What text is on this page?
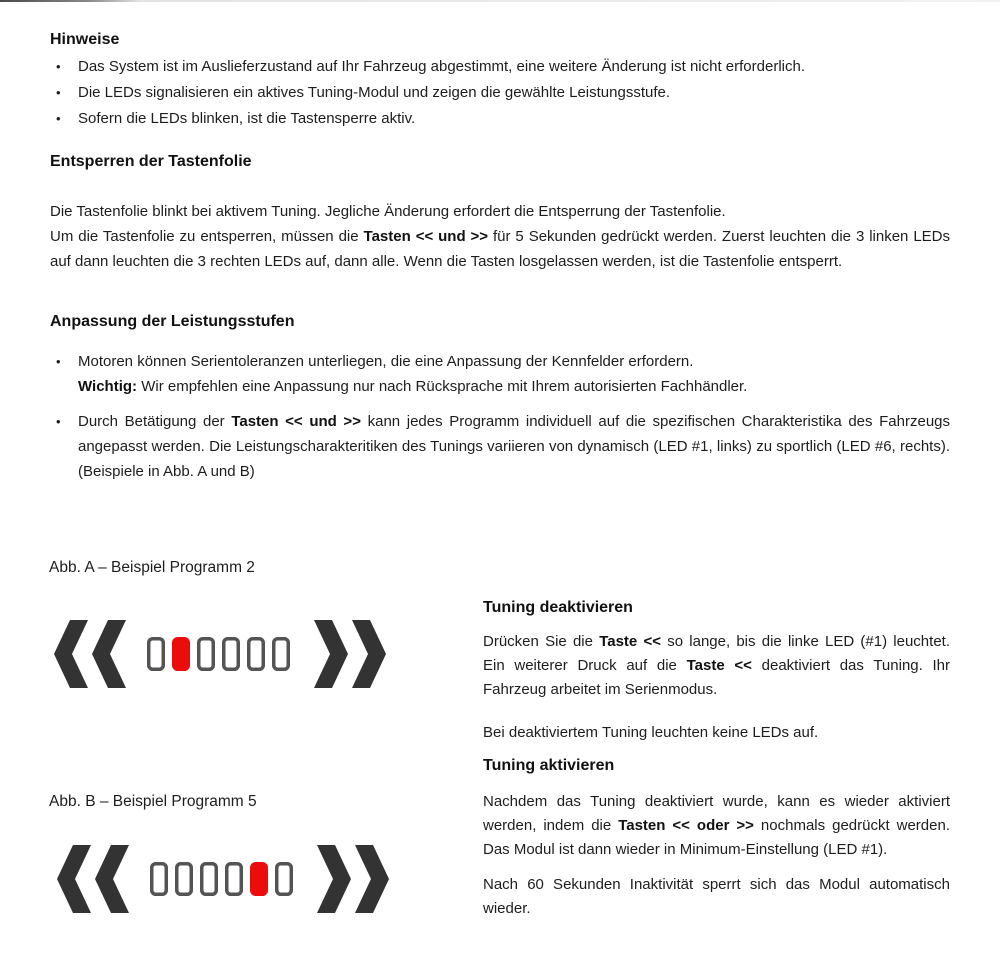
Hinweise
• Das System ist im Auslieferzustand auf Ihr Fahrzeug abgestimmt, eine weitere Änderung ist nicht erforderlich.
• Die LEDs signalisieren ein aktives Tuning-Modul und zeigen die gewählte Leistungsstufe.
• Sofern die LEDs blinken, ist die Tastensperre aktiv.
Entsperren der Tastenfolie

Die Tastenfolie blinkt bei aktivem Tuning. Jegliche Änderung erfordert die Entsperrung der Tastenfolie.
Um die Tastenfolie zu entsperren, müssen die Tasten << und >> für 5 Sekunden gedrückt werden. Zuerst leuchten die 3 linken LEDs auf dann leuchten die 3 rechten LEDs auf, dann alle. Wenn die Tasten losgelassen werden, ist die Tastenfolie entsperrt.

Anpassung der Leistungsstufen
• Motoren können Serientoleranzen unterliegen, die eine Anpassung der Kennfelder erfordern.
Wichtig: Wir empfehlen eine Anpassung nur nach Rücksprache mit Ihrem autorisierten Fachhändler.
• Durch Betätigung der Tasten << und >> kann jedes Programm individuell auf die spezifischen Charakteristika des Fahrzeugs angepasst werden. Die Leistungscharakteritiken des Tunings variieren von dynamisch (LED #1, links) zu sportlich (LED #6, rechts).(Beispiele in Abb. A und B)
Abb. A – Beispiel Programm 2
Abb. B – Beispiel Programm 5
Tuning deaktivieren

Drücken Sie die Taste << so lange, bis die linke LED (#1) leuchtet. Ein weiterer Druck auf die Taste << deaktiviert das Tuning. Ihr Fahrzeug arbeitet im Serienmodus.

Bei deaktiviertem Tuning leuchten keine LEDs auf.

Tuning aktivieren

Nachdem das Tuning deaktiviert wurde, kann es wieder aktiviert werden, indem die Tasten << oder >> nochmals gedrückt werden. Das Modul ist dann wieder in Minimum-Einstellung (LED #1).

Nach 60 Sekunden Inaktivität sperrt sich das Modul automatisch wieder.
